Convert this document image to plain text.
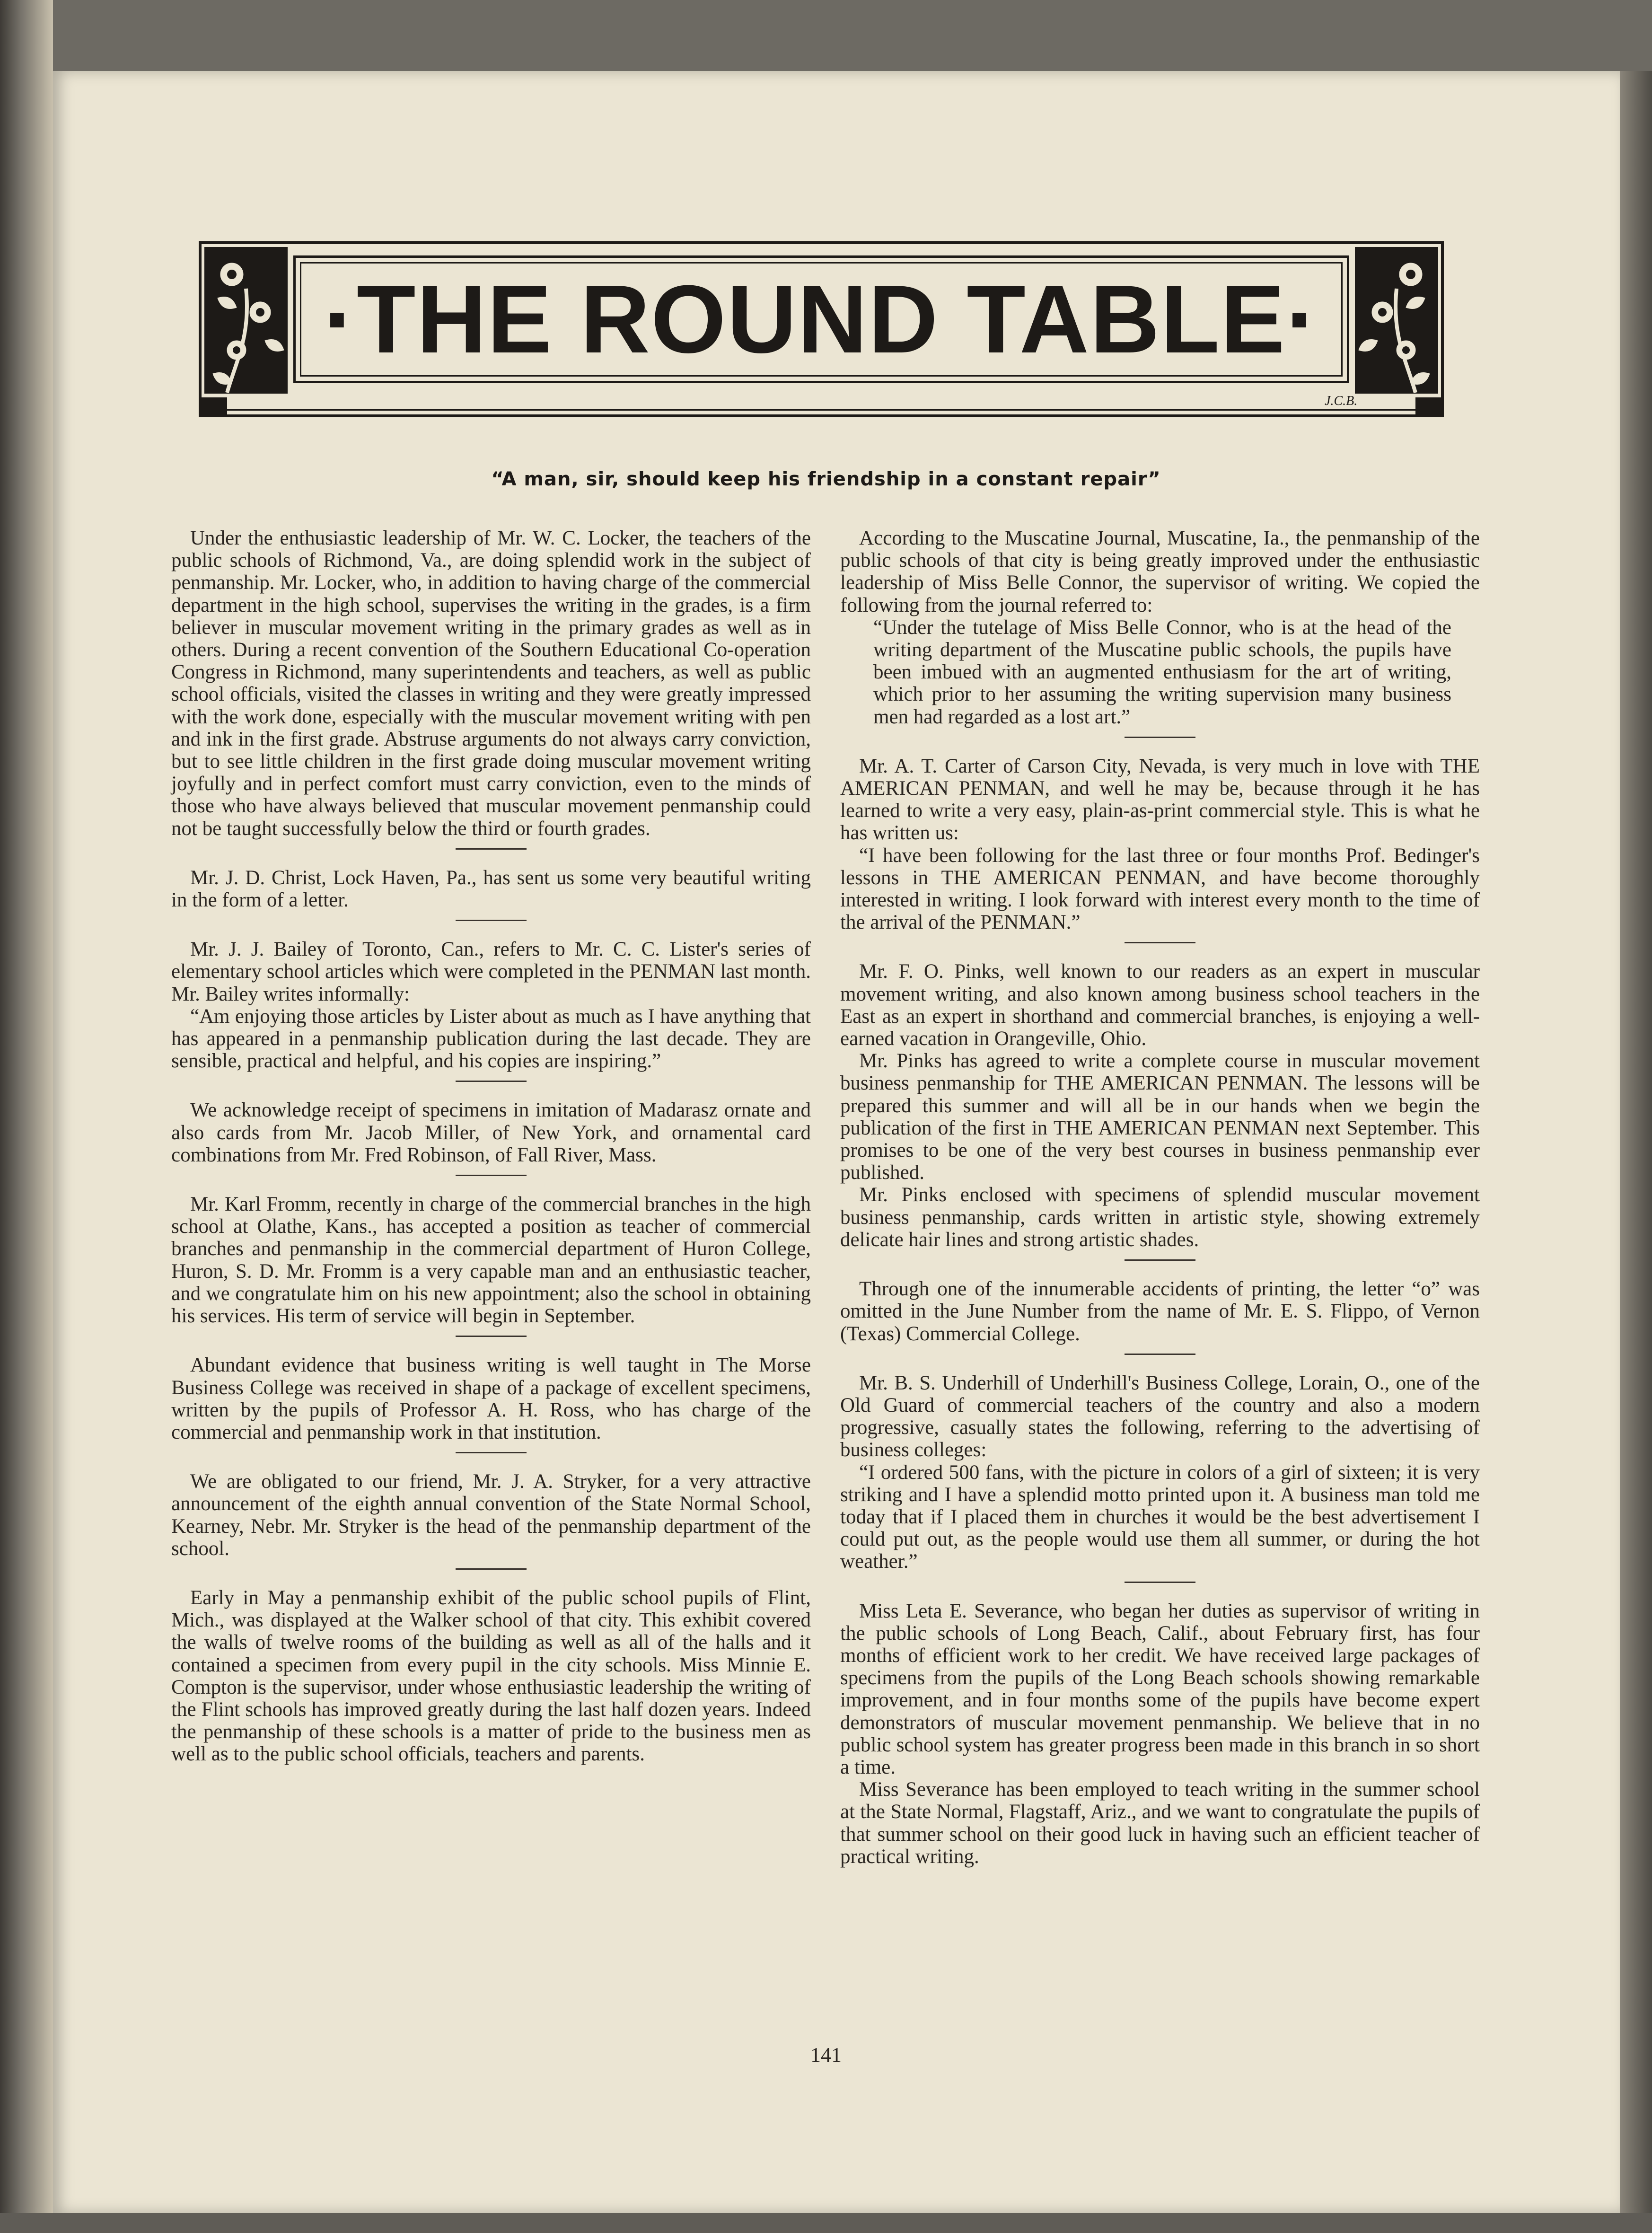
·THE ROUND TABLE·
J.C.B.
“A man, sir, should keep his friendship in a constant repair”

Under the enthusiastic leadership of Mr. W. C. Locker, the teachers of the public schools of Richmond, Va., are doing splendid work in the subject of penmanship. Mr. Locker, who, in addition to having charge of the commercial department in the high school, supervises the writing in the grades, is a firm believer in muscular movement writing in the primary grades as well as in others. During a recent convention of the Southern Educational Co-operation Congress in Richmond, many superintendents and teachers, as well as public school officials, visited the classes in writing and they were greatly impressed with the work done, especially with the muscular movement writing with pen and ink in the first grade. Abstruse arguments do not always carry conviction, but to see little children in the first grade doing muscular movement writing joyfully and in perfect comfort must carry conviction, even to the minds of those who have always believed that muscular movement penmanship could not be taught successfully below the third or fourth grades.

Mr. J. D. Christ, Lock Haven, Pa., has sent us some very beautiful writing in the form of a letter.

Mr. J. J. Bailey of Toronto, Can., refers to Mr. C. C. Lister's series of elementary school articles which were completed in the PENMAN last month. Mr. Bailey writes informally:

“Am enjoying those articles by Lister about as much as I have anything that has appeared in a penmanship publication during the last decade. They are sensible, practical and helpful, and his copies are inspiring.”

We acknowledge receipt of specimens in imitation of Madarasz ornate and also cards from Mr. Jacob Miller, of New York, and ornamental card combinations from Mr. Fred Robinson, of Fall River, Mass.

Mr. Karl Fromm, recently in charge of the commercial branches in the high school at Olathe, Kans., has accepted a position as teacher of commercial branches and penmanship in the commercial department of Huron College, Huron, S. D. Mr. Fromm is a very capable man and an enthusiastic teacher, and we congratulate him on his new appointment; also the school in obtaining his services. His term of service will begin in September.

Abundant evidence that business writing is well taught in The Morse Business College was received in shape of a package of excellent specimens, written by the pupils of Professor A. H. Ross, who has charge of the commercial and penmanship work in that institution.

We are obligated to our friend, Mr. J. A. Stryker, for a very attractive announcement of the eighth annual convention of the State Normal School, Kearney, Nebr. Mr. Stryker is the head of the penmanship department of the school.

Early in May a penmanship exhibit of the public school pupils of Flint, Mich., was displayed at the Walker school of that city. This exhibit covered the walls of twelve rooms of the building as well as all of the halls and it contained a specimen from every pupil in the city schools. Miss Minnie E. Compton is the supervisor, under whose enthusiastic leadership the writing of the Flint schools has improved greatly during the last half dozen years. Indeed the penmanship of these schools is a matter of pride to the business men as well as to the public school officials, teachers and parents.

According to the Muscatine Journal, Muscatine, Ia., the penmanship of the public schools of that city is being greatly improved under the enthusiastic leadership of Miss Belle Connor, the supervisor of writing. We copied the following from the journal referred to:

“Under the tutelage of Miss Belle Connor, who is at the head of the writing department of the Muscatine public schools, the pupils have been imbued with an augmented enthusiasm for the art of writing, which prior to her assuming the writing supervision many business men had regarded as a lost art.”

Mr. A. T. Carter of Carson City, Nevada, is very much in love with THE AMERICAN PENMAN, and well he may be, because through it he has learned to write a very easy, plain-as-print commercial style. This is what he has written us:

“I have been following for the last three or four months Prof. Bedinger's lessons in THE AMERICAN PENMAN, and have become thoroughly interested in writing. I look forward with interest every month to the time of the arrival of the PENMAN.”

Mr. F. O. Pinks, well known to our readers as an expert in muscular movement writing, and also known among business school teachers in the East as an expert in shorthand and commercial branches, is enjoying a well-earned vacation in Orangeville, Ohio.

Mr. Pinks has agreed to write a complete course in muscular movement business penmanship for THE AMERICAN PENMAN. The lessons will be prepared this summer and will all be in our hands when we begin the publication of the first in THE AMERICAN PENMAN next September. This promises to be one of the very best courses in business penmanship ever published.

Mr. Pinks enclosed with specimens of splendid muscular movement business penmanship, cards written in artistic style, showing extremely delicate hair lines and strong artistic shades.

Through one of the innumerable accidents of printing, the letter “o” was omitted in the June Number from the name of Mr. E. S. Flippo, of Vernon (Texas) Commercial College.

Mr. B. S. Underhill of Underhill's Business College, Lorain, O., one of the Old Guard of commercial teachers of the country and also a modern progressive, casually states the following, referring to the advertising of business colleges:

“I ordered 500 fans, with the picture in colors of a girl of sixteen; it is very striking and I have a splendid motto printed upon it. A business man told me today that if I placed them in churches it would be the best advertisement I could put out, as the people would use them all summer, or during the hot weather.”

Miss Leta E. Severance, who began her duties as supervisor of writing in the public schools of Long Beach, Calif., about February first, has four months of efficient work to her credit. We have received large packages of specimens from the pupils of the Long Beach schools showing remarkable improvement, and in four months some of the pupils have become expert demonstrators of muscular movement penmanship. We believe that in no public school system has greater progress been made in this branch in so short a time.

Miss Severance has been employed to teach writing in the summer school at the State Normal, Flagstaff, Ariz., and we want to congratulate the pupils of that summer school on their good luck in having such an efficient teacher of practical writing.

141
